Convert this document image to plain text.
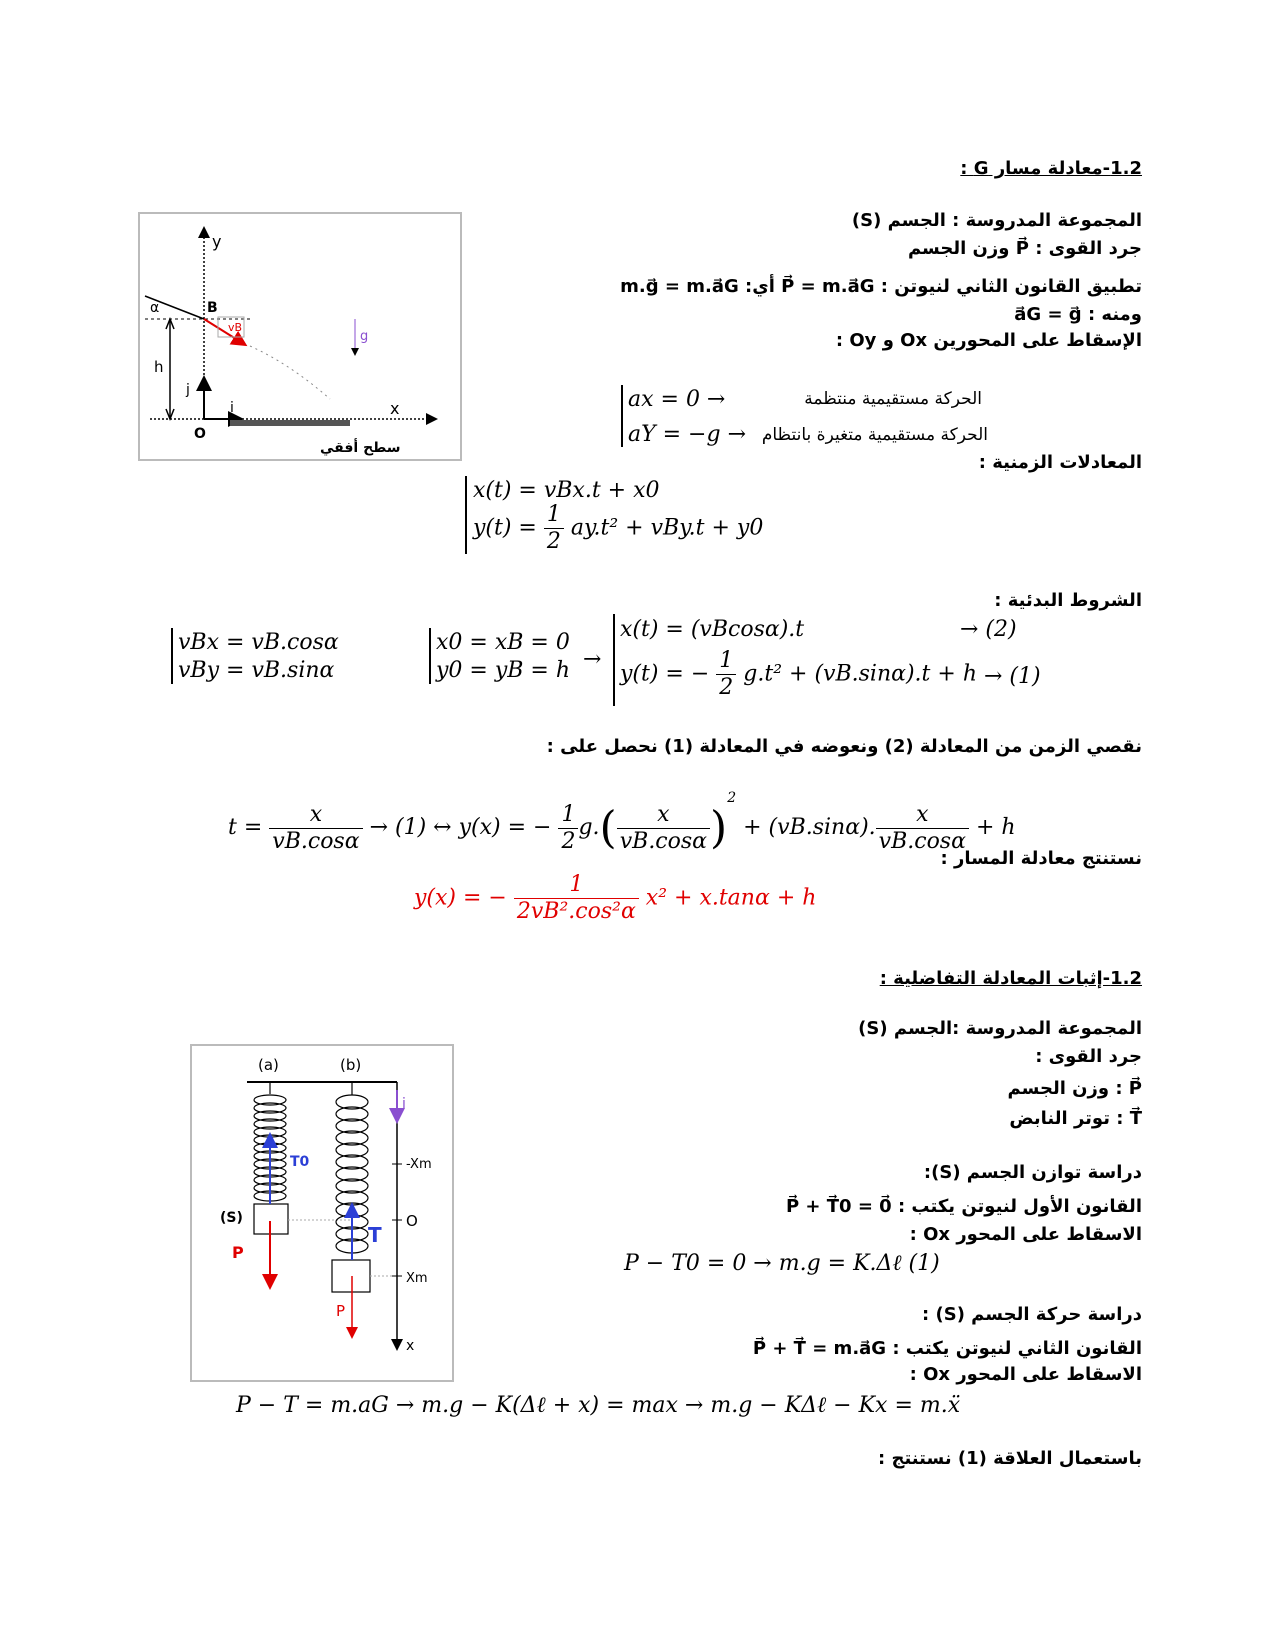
1.2-معادلة مسار G :
المجموعة المدروسة : الجسم (S)
جرد القوى : P⃗ وزن الجسم
تطبيق القانون الثاني لنيوتن : P⃗ = m.a⃗G أي: m.g⃗ = m.a⃗G
ومنه : a⃗G = g⃗
الإسقاط على المحورين Ox و Oy :
ax = 0 →	الحركة مستقيمية منتظمة
aY = −g → الحركة مستقيمية متغيرة بانتظام
المعادلات الزمنية :
x(t) = vBx.t + x0
$y(t) = \frac{1}{2} ay.t^2 + vBy.t + y0$
الشروط البدئية :
vBx = vB.cosα
vBy = vB.sinα
x0 = xB = 0
y0 = yB = h →
x(t) = (vBcosα).t	→ (2)
y(t) = − $\frac{1}{2} g.t^2 + (vB.\sin\alpha).t + h \to (1)$
نقصي الزمن من المعادلة (2) ونعوضه في المعادلة (1) نحصل على :
$t = \frac{x}{vB.\cos\alpha} \to (1)$ ↔ y(x) = − $\frac{1}{2} g.( \frac{x}{vB.\cos\alpha} )^2 + (vB.\sin\alpha)$. $\frac{x}{vB.\cos\alpha} + h$
نستنتج معادلة المسار :
y(x) = − $\frac{1}{\text{2vB².cos²α}} x^2 + x.\tan\alpha + h$
y
α	B
vB
g
h
j
i	x
O
سطح أفقي
1.2-إثبات المعادلة التفاضلية :
المجموعة المدروسة :الجسم (S)
جرد القوى :
P⃗ : وزن الجسم
T⃗ : توتر النابض
دراسة توازن الجسم (S):
القانون الأول لنيوتن يكتب : P⃗ + T⃗0 = 0⃗
الاسقاط على المحور Ox :
P − T0 = 0 → m.g = K.Δℓ (1)
دراسة حركة الجسم (S) :
القانون الثاني لنيوتن يكتب : P⃗ + T⃗ = m.a⃗G
الاسقاط على المحور Ox :
P − T = m.aG → m.g − K(Δℓ + x) = max → m.g − KΔℓ − Kx = m.ẍ
باستعمال العلاقة (1) نستنتج :
(a)	(b)
i
T0
(S)
P
T
-Xm
O
Xm
P
x
